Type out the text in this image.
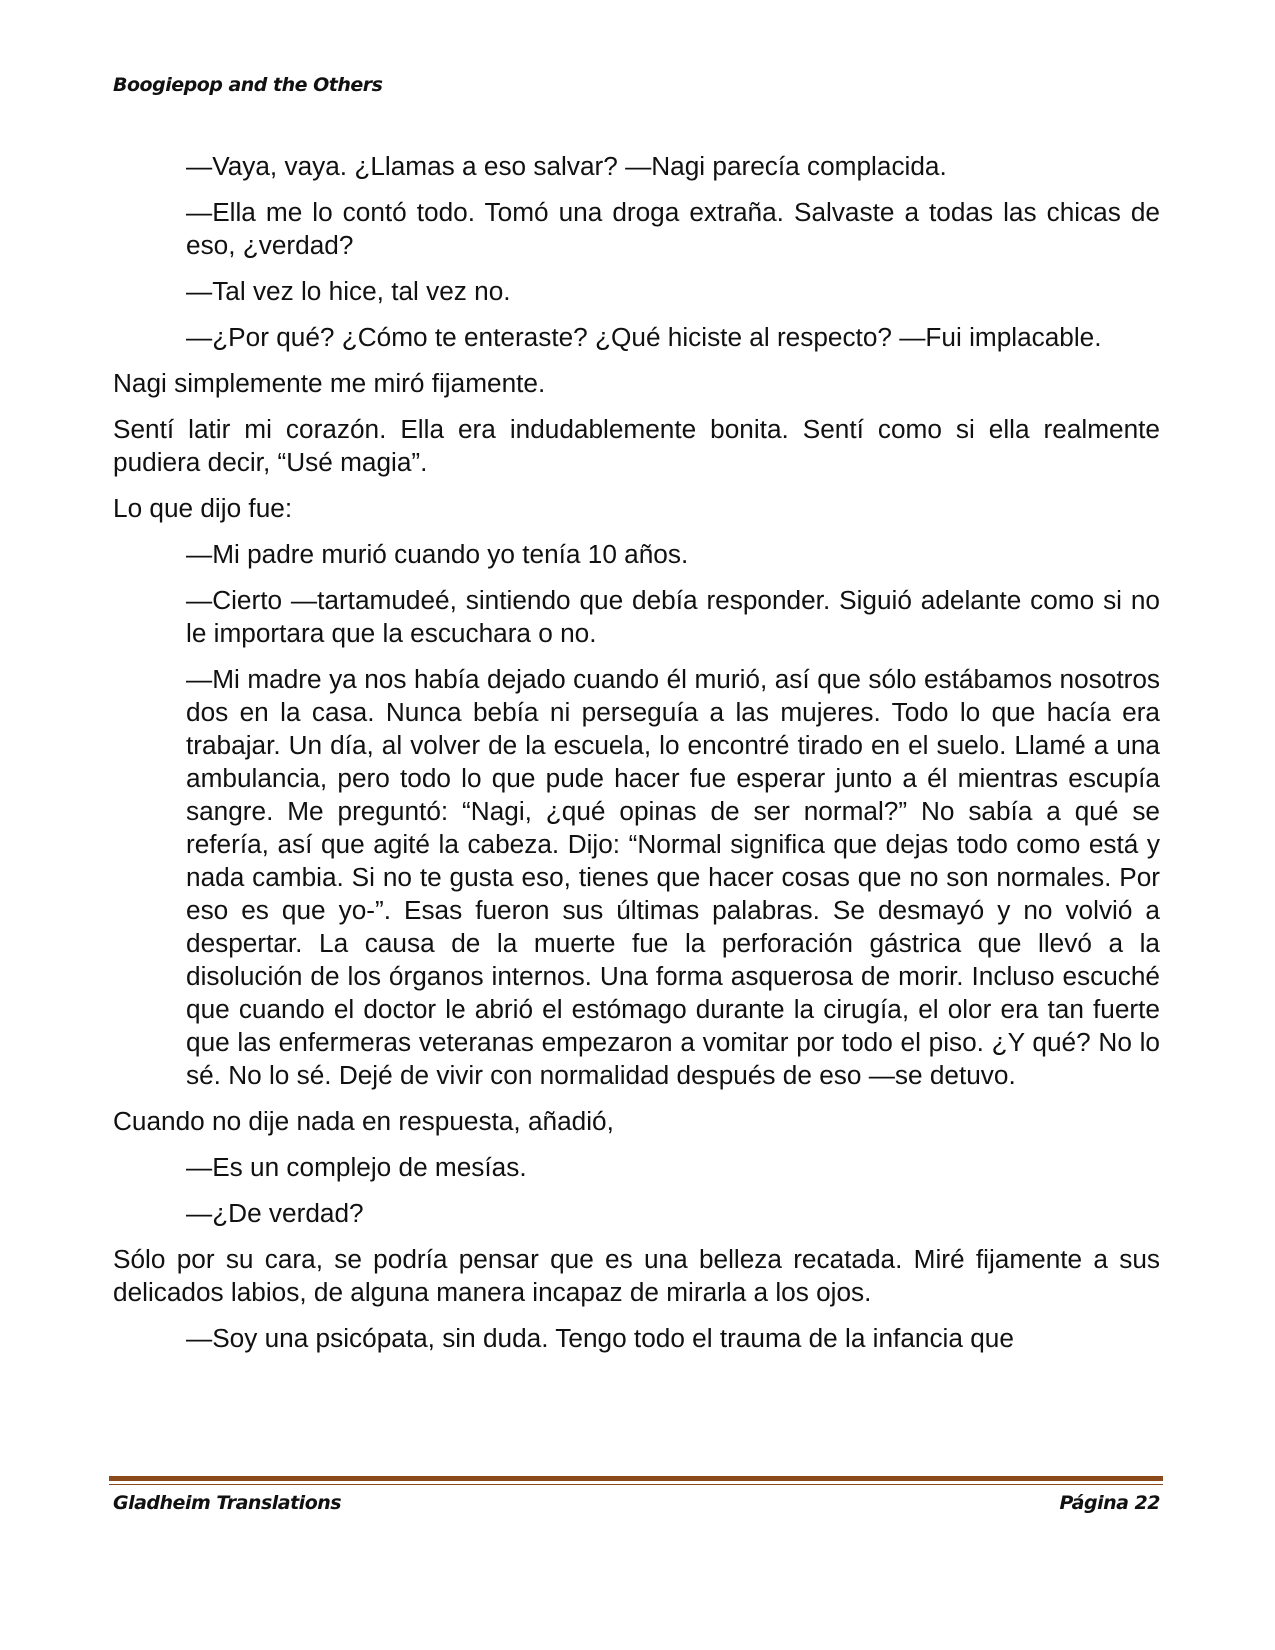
Boogiepop and the Others

—Vaya, vaya. ¿Llamas a eso salvar? —Nagi parecía complacida.

—Ella me lo contó todo. Tomó una droga extraña. Salvaste a todas las chicas de eso, ¿verdad?

—Tal vez lo hice, tal vez no.

—¿Por qué? ¿Cómo te enteraste? ¿Qué hiciste al respecto? —Fui implacable.

Nagi simplemente me miró fijamente.

Sentí latir mi corazón. Ella era indudablemente bonita. Sentí como si ella realmente pudiera decir, “Usé magia”.

Lo que dijo fue:

—Mi padre murió cuando yo tenía 10 años.

—Cierto —tartamudeé, sintiendo que debía responder. Siguió adelante como si no le importara que la escuchara o no.

—Mi madre ya nos había dejado cuando él murió, así que sólo estábamos nosotros dos en la casa. Nunca bebía ni perseguía a las mujeres. Todo lo que hacía era trabajar. Un día, al volver de la escuela, lo encontré tirado en el suelo. Llamé a una ambulancia, pero todo lo que pude hacer fue esperar junto a él mientras escupía sangre. Me preguntó: “Nagi, ¿qué opinas de ser normal?” No sabía a qué se refería, así que agité la cabeza. Dijo: “Normal significa que dejas todo como está y nada cambia. Si no te gusta eso, tienes que hacer cosas que no son normales. Por eso es que yo-”. Esas fueron sus últimas palabras. Se desmayó y no volvió a despertar. La causa de la muerte fue la perforación gástrica que llevó a la disolución de los órganos internos. Una forma asquerosa de morir. Incluso escuché que cuando el doctor le abrió el estómago durante la cirugía, el olor era tan fuerte que las enfermeras veteranas empezaron a vomitar por todo el piso. ¿Y qué? No lo sé. No lo sé. Dejé de vivir con normalidad después de eso —se detuvo.

Cuando no dije nada en respuesta, añadió,

—Es un complejo de mesías.

—¿De verdad?

Sólo por su cara, se podría pensar que es una belleza recatada. Miré fijamente a sus delicados labios, de alguna manera incapaz de mirarla a los ojos.

—Soy una psicópata, sin duda. Tengo todo el trauma de la infancia que

Gladheim Translations	Página 22
